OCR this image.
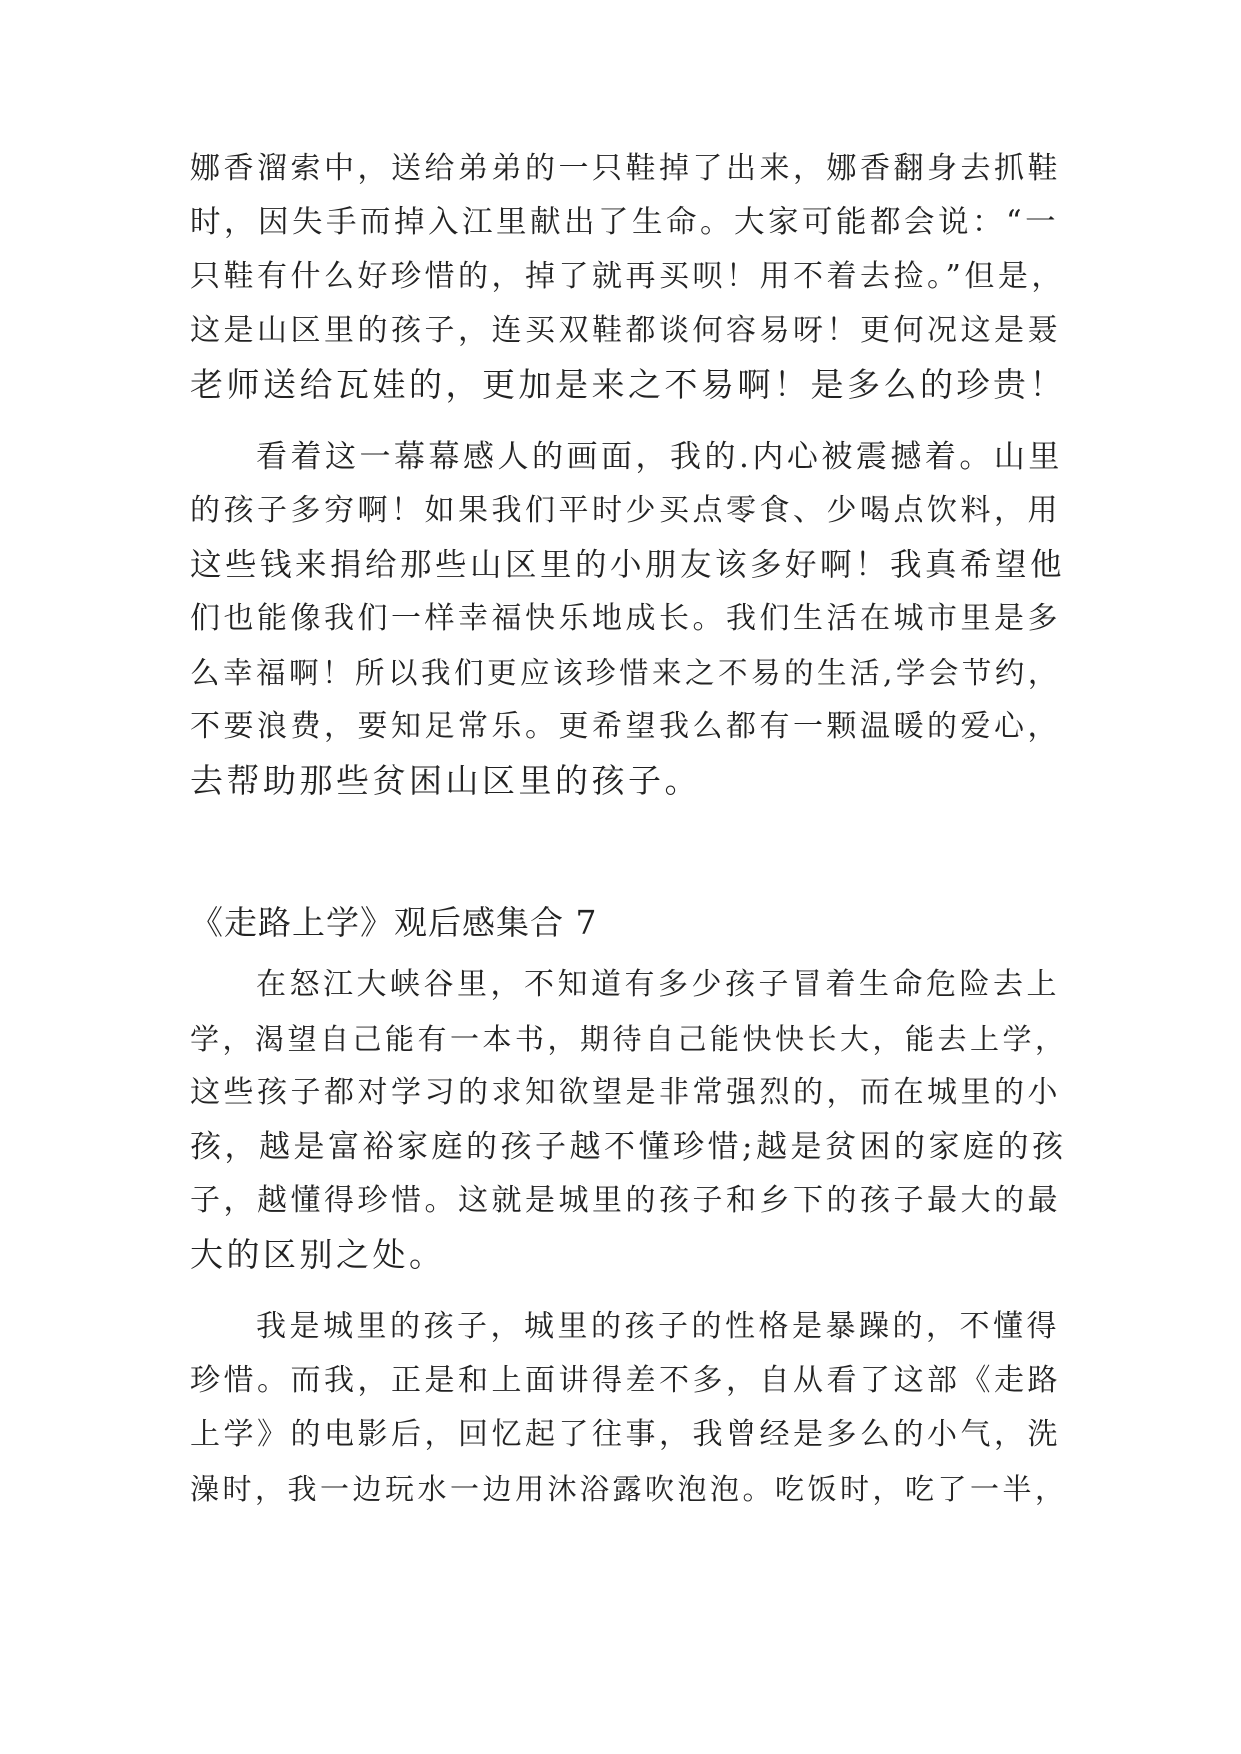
娜香溜索中，送给弟弟的一只鞋掉了出来，娜香翻身去抓鞋
时，因失手而掉入江里献出了生命。大家可能都会说：“一
只鞋有什么好珍惜的，掉了就再买呗！用不着去捡。”但是，
这是山区里的孩子，连买双鞋都谈何容易呀！更何况这是聂
老师送给瓦娃的，更加是来之不易啊！是多么的珍贵！
看着这一幕幕感人的画面，我的.内心被震撼着。山里
的孩子多穷啊！如果我们平时少买点零食、少喝点饮料，用
这些钱来捐给那些山区里的小朋友该多好啊！我真希望他
们也能像我们一样幸福快乐地成长。我们生活在城市里是多
么幸福啊！所以我们更应该珍惜来之不易的生活,学会节约，
不要浪费，要知足常乐。更希望我么都有一颗温暖的爱心，
去帮助那些贫困山区里的孩子。
《走路上学》观后感集合 7
在怒江大峡谷里，不知道有多少孩子冒着生命危险去上
学，渴望自己能有一本书，期待自己能快快长大，能去上学，
这些孩子都对学习的求知欲望是非常强烈的，而在城里的小
孩，越是富裕家庭的孩子越不懂珍惜;越是贫困的家庭的孩
子，越懂得珍惜。这就是城里的孩子和乡下的孩子最大的最
大的区别之处。
我是城里的孩子，城里的孩子的性格是暴躁的，不懂得
珍惜。而我，正是和上面讲得差不多，自从看了这部《走路
上学》的电影后，回忆起了往事，我曾经是多么的小气，洗
澡时，我一边玩水一边用沐浴露吹泡泡。吃饭时，吃了一半，
